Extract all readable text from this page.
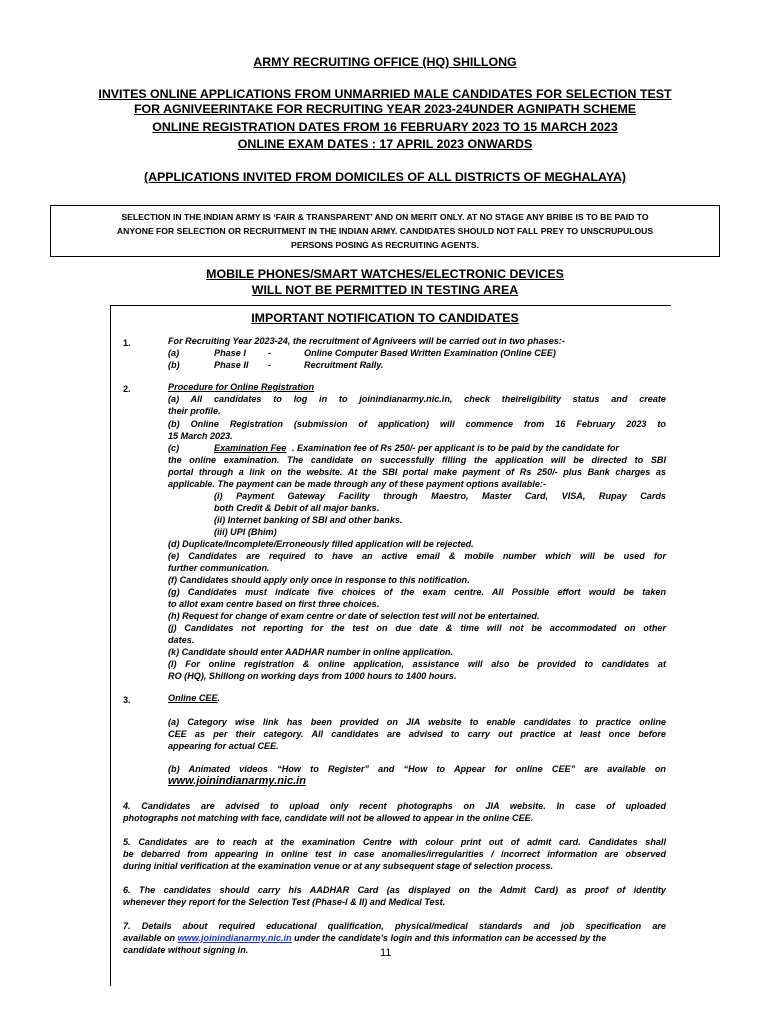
ARMY RECRUITING OFFICE (HQ) SHILLONG
INVITES ONLINE APPLICATIONS FROM UNMARRIED MALE CANDIDATES FOR SELECTION TEST
FOR AGNIVEERINTAKE FOR RECRUITING YEAR 2023-24UNDER AGNIPATH SCHEME
ONLINE REGISTRATION DATES FROM 16 FEBRUARY 2023 TO 15 MARCH 2023
ONLINE EXAM DATES : 17 APRIL 2023 ONWARDS
(APPLICATIONS INVITED FROM DOMICILES OF ALL DISTRICTS OF MEGHALAYA)
SELECTION IN THE INDIAN ARMY IS ‘FAIR & TRANSPARENT’ AND ON MERIT ONLY. AT NO STAGE ANY BRIBE IS TO BE PAID TO
ANYONE FOR SELECTION OR RECRUITMENT IN THE INDIAN ARMY. CANDIDATES SHOULD NOT FALL PREY TO UNSCRUPULOUS
PERSONS POSING AS RECRUITING AGENTS.
MOBILE PHONES/SMART WATCHES/ELECTRONIC DEVICES
WILL NOT BE PERMITTED IN TESTING AREA
IMPORTANT NOTIFICATION TO CANDIDATES
1.	For Recruiting Year 2023-24, the recruitment of Agniveers will be carried out in two phases:-
(a)	Phase I -	Online Computer Based Written Examination (Online CEE)
(b)	Phase II -	Recruitment Rally.
2.	Procedure for Online Registration
(a) All candidates to log in to joinindianarmy.nic.in, check theireligibility status and create
their profile.
(b) Online Registration (submission of application) will commence from 16 February 2023 to
15 March 2023.
(c)	Examination Fee . Examination fee of Rs 250/- per applicant is to be paid by the candidate for
the online examination. The candidate on successfully filling the application will be directed to SBI
portal through a link on the website. At the SBI portal make payment of Rs 250/- plus Bank charges as
applicable. The payment can be made through any of these payment options available:-
(i) Payment Gateway Facility through Maestro, Master Card, VISA, Rupay Cards
both Credit & Debit of all major banks.
(ii) Internet banking of SBI and other banks.
(iii) UPI (Bhim)
(d) Duplicate/Incomplete/Erroneously filled application will be rejected.
(e) Candidates are required to have an active email & mobile number which will be used for
further communication.
(f) Candidates should apply only once in response to this notification.
(g) Candidates must indicate five choices of the exam centre. All Possible effort would be taken
to allot exam centre based on first three choices.
(h) Request for change of exam centre or date of selection test will not be entertained.
(j) Candidates not reporting for the test on due date & time will not be accommodated on other
dates.
(k) Candidate should enter AADHAR number in online application.
(l) For online registration & online application, assistance will also be provided to candidates at
RO (HQ), Shillong on working days from 1000 hours to 1400 hours.
3.	Online CEE.
(a) Category wise link has been provided on JIA website to enable candidates to practice online
CEE as per their category. All candidates are advised to carry out practice at least once before
appearing for actual CEE.
(b) Animated videos “How to Register” and “How to Appear for online CEE” are available on
www.joinindianarmy.nic.in
4. Candidates are advised to upload only recent photographs on JIA website. In case of uploaded
photographs not matching with face, candidate will not be allowed to appear in the online CEE.
5. Candidates are to reach at the examination Centre with colour print out of admit card. Candidates shall
be debarred from appearing in online test in case anomalies/irregularities / incorrect information are observed
during initial verification at the examination venue or at any subsequent stage of selection process.
6. The candidates should carry his AADHAR Card (as displayed on the Admit Card) as proof of identity
whenever they report for the Selection Test (Phase-I & II) and Medical Test.
7. Details about required educational qualification, physical/medical standards and job specification are
available on www.joinindianarmy.nic.in under the candidate’s login and this information can be accessed by the
candidate without signing in.	11
